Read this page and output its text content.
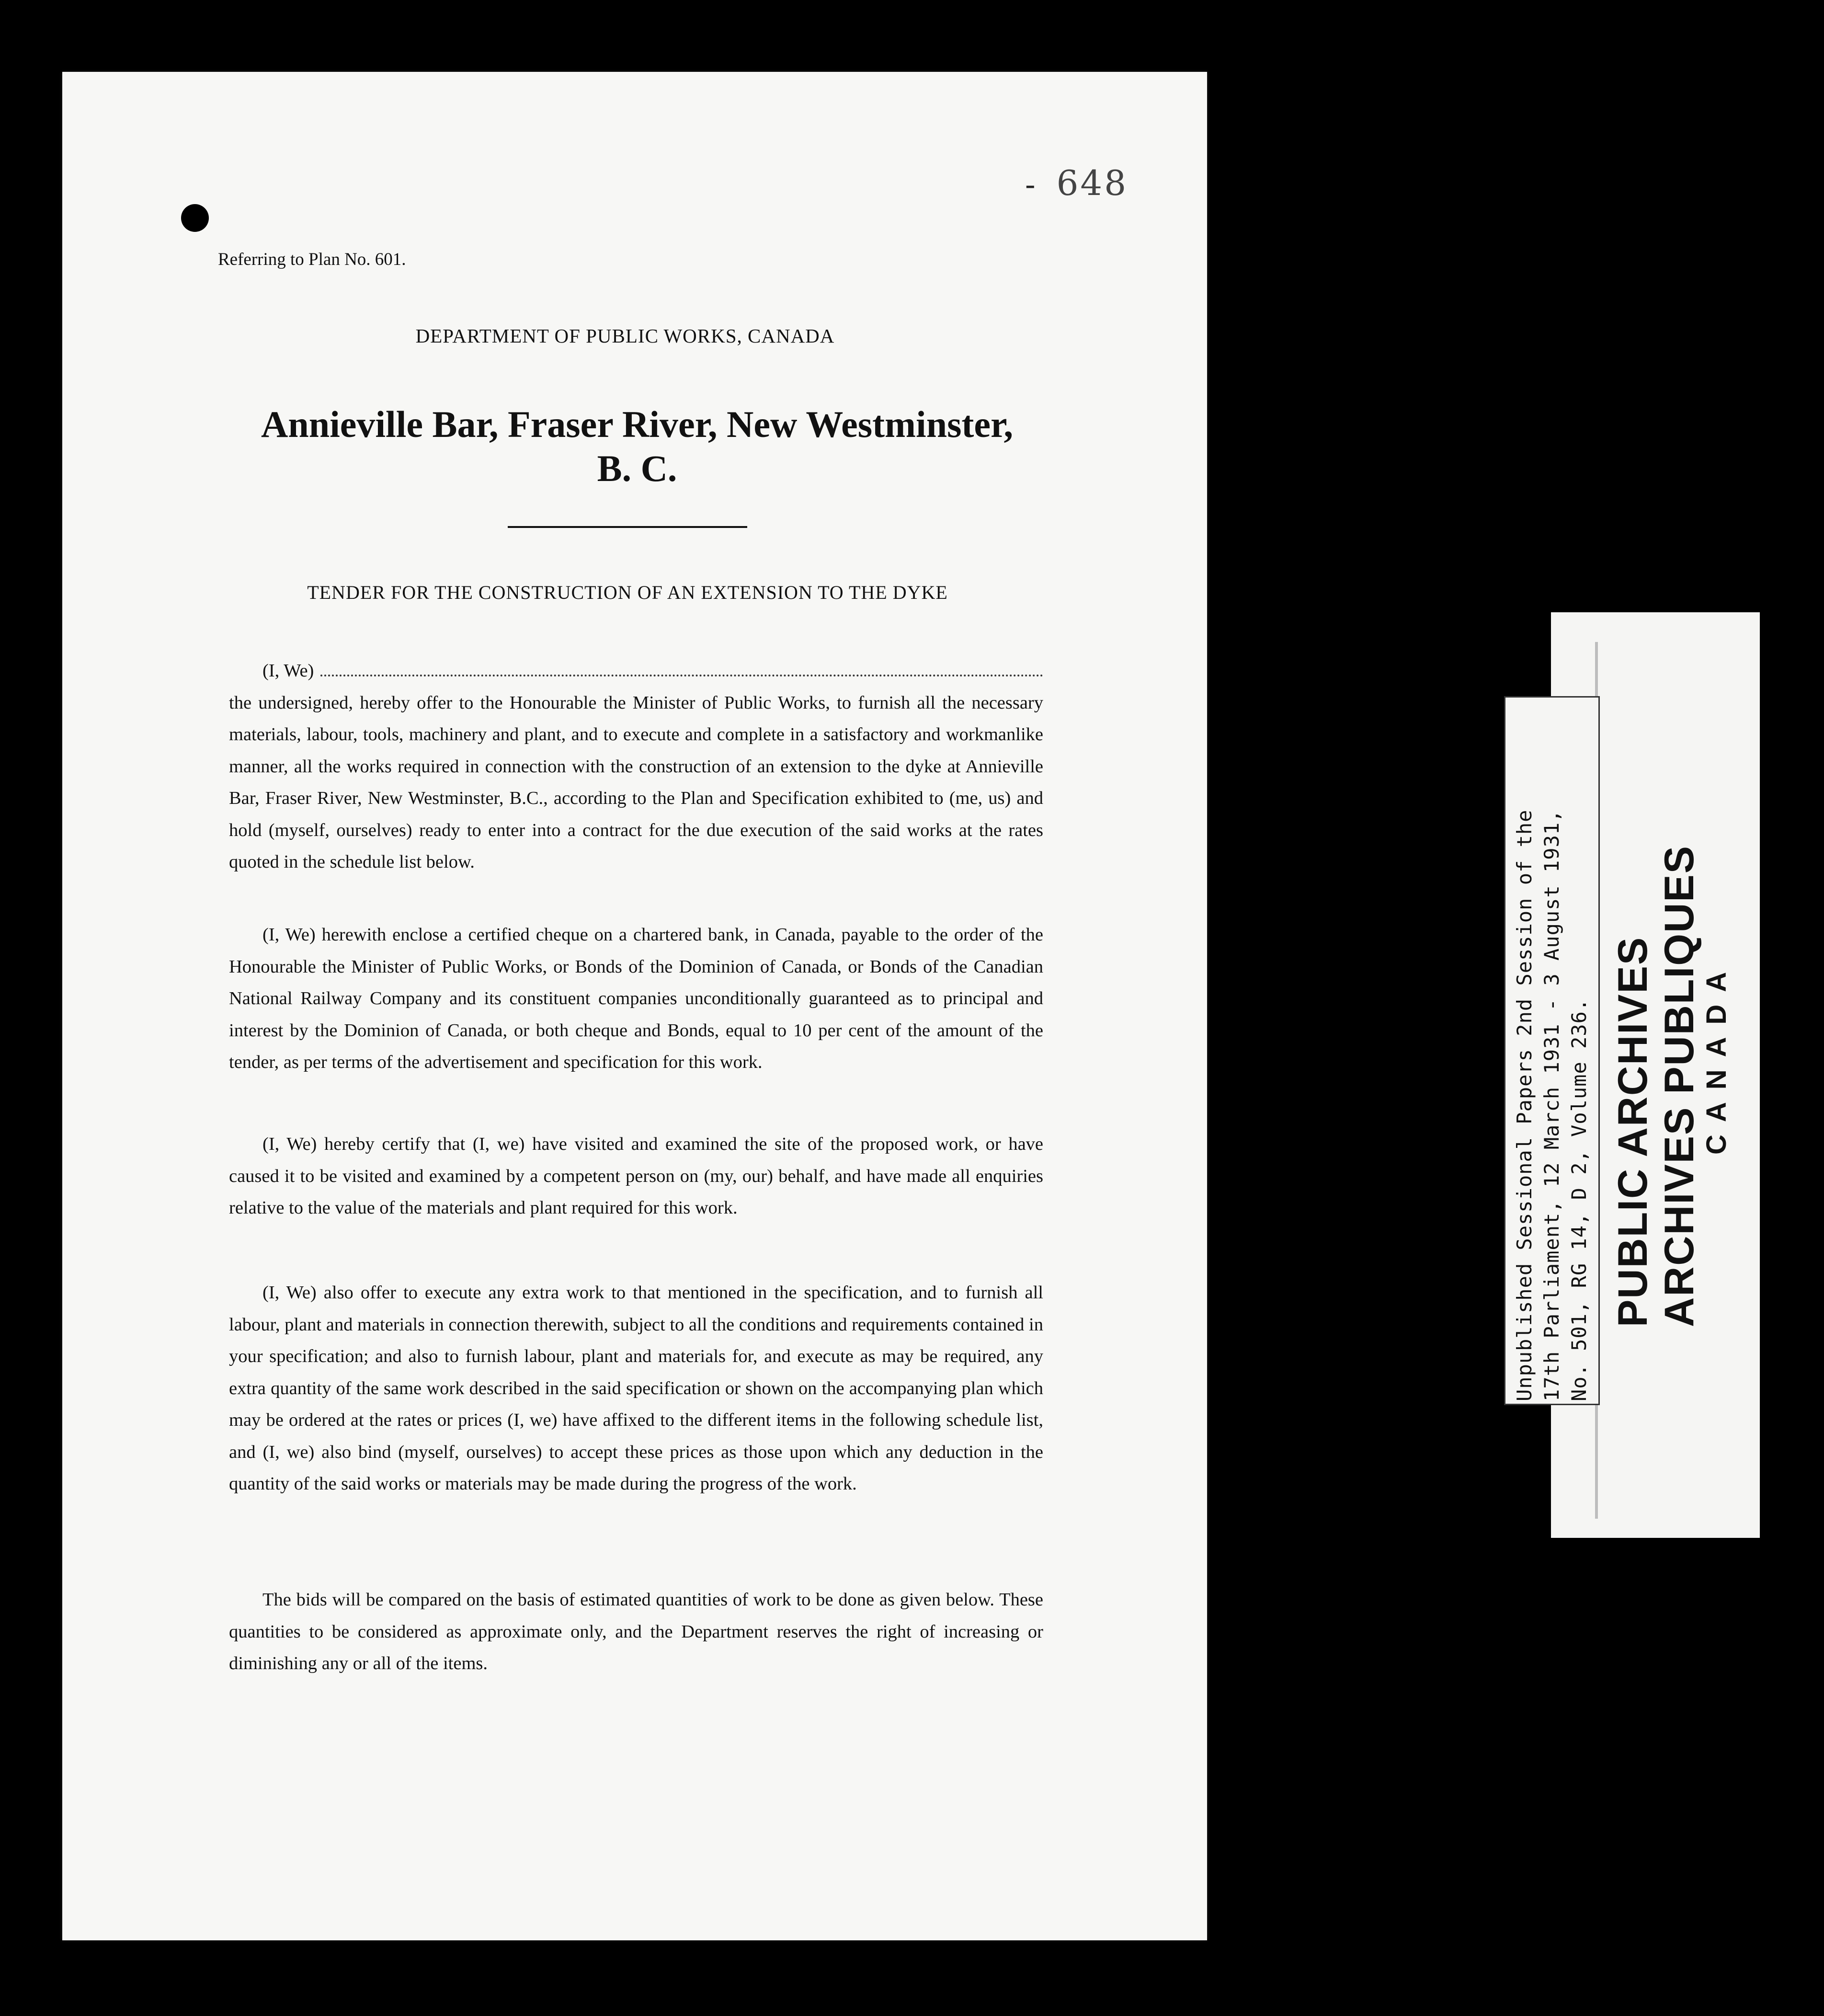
- 648
Referring to Plan No. 601.
DEPARTMENT OF PUBLIC WORKS, CANADA
Annieville Bar, Fraser River, New Westminster,
B. C.
TENDER FOR THE CONSTRUCTION OF AN EXTENSION TO THE DYKE
(I, We)
the undersigned, hereby offer to the Honourable the Minister of Public Works, to furnish all the necessary materials, labour, tools, machinery and plant, and to execute and complete in a satisfactory and workmanlike manner, all the works required in connection with the construction of an extension to the dyke at Annieville Bar, Fraser River, New Westminster, B.C., according to the Plan and Specification exhibited to (me, us) and hold (myself, ourselves) ready to enter into a contract for the due execution of the said works at the rates quoted in the schedule list below.
(I, We) herewith enclose a certified cheque on a chartered bank, in Canada, payable to the order of the Honourable the Minister of Public Works, or Bonds of the Dominion of Canada, or Bonds of the Canadian National Railway Company and its constituent companies unconditionally guaranteed as to principal and interest by the Dominion of Canada, or both cheque and Bonds, equal to 10 per cent of the amount of the tender, as per terms of the advertisement and specification for this work.
(I, We) hereby certify that (I, we) have visited and examined the site of the proposed work, or have caused it to be visited and examined by a competent person on (my, our) behalf, and have made all enquiries relative to the value of the materials and plant required for this work.
(I, We) also offer to execute any extra work to that mentioned in the specification, and to furnish all labour, plant and materials in connection therewith, subject to all the conditions and requirements contained in your specification; and also to furnish labour, plant and materials for, and execute as may be required, any extra quantity of the same work described in the said specification or shown on the accompanying plan which may be ordered at the rates or prices (I, we) have affixed to the different items in the following schedule list, and (I, we) also bind (myself, ourselves) to accept these prices as those upon which any deduction in the quantity of the said works or materials may be made during the progress of the work.
The bids will be compared on the basis of estimated quantities of work to be done as given below. These quantities to be considered as approximate only, and the Department reserves the right of increasing or diminishing any or all of the items.
PUBLIC ARCHIVES ARCHIVES PUBLIQUES
C A N A D A
Unpublished Sessional Papers 2nd Session of the 17th Parliament, 12 March 1931 - 3 August 1931, No. 501, RG 14, D 2, Volume 236.
